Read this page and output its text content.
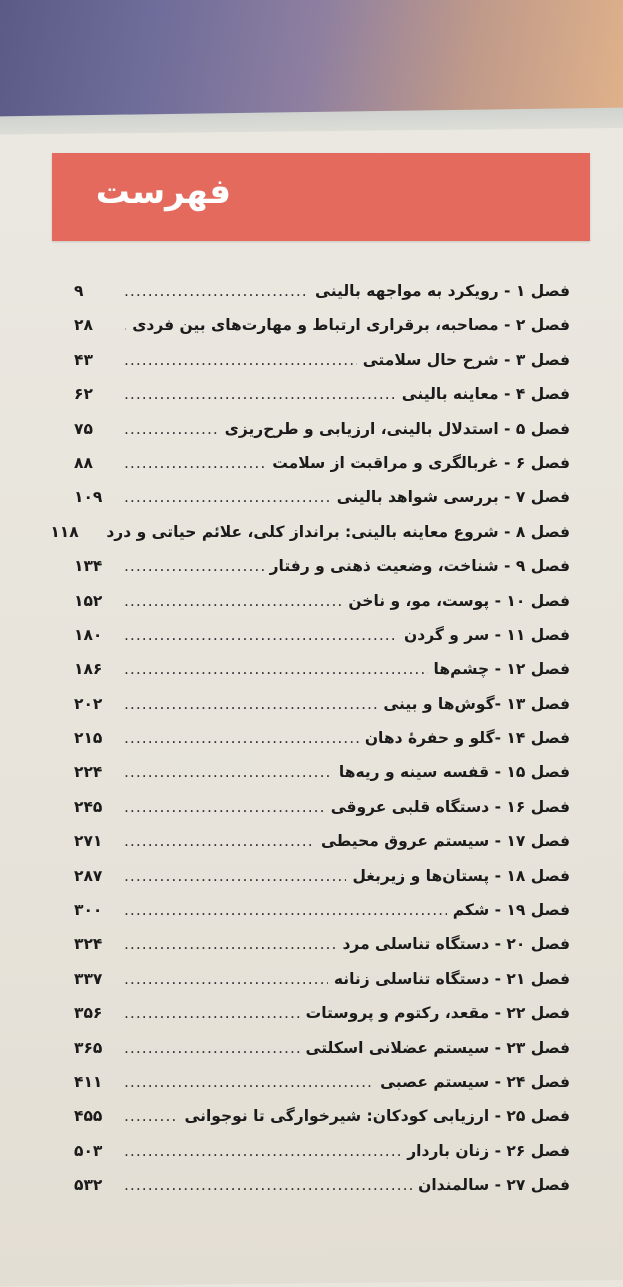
فهرست
فصل ۱ - رویکرد به مواجهه بالینی
.....
۹
فصل ۲ - مصاحبه، برقراری ارتباط و مهارت‌های بین فردی
.....
۲۸
فصل ۳ - شرح حال سلامتی
.....
۴۳
فصل ۴ - معاینه بالینی
.....
۶۲
فصل ۵ - استدلال بالینی، ارزیابی و طرح‌ریزی
.....
۷۵
فصل ۶ - غربالگری و مراقبت از سلامت
.....
۸۸
فصل ۷ - بررسی شواهد بالینی
.....
۱۰۹
فصل ۸ - شروع معاینه بالینی: برانداز کلی، علائم حیاتی و درد
۱۱۸
فصل ۹ - شناخت، وضعیت ذهنی و رفتار
.....
۱۳۴
فصل ۱۰ - پوست، مو، و ناخن
.....
۱۵۲
فصل ۱۱ - سر و گردن
.....
۱۸۰
فصل ۱۲ - چشم‌ها
.....
۱۸۶
فصل ۱۳ -گوش‌ها و بینی
.....
۲۰۲
فصل ۱۴ -گلو و حفرهٔ دهان
.....
۲۱۵
فصل ۱۵ - قفسه سینه و ریه‌ها
.....
۲۲۴
فصل ۱۶ - دستگاه قلبی عروقی
.....
۲۴۵
فصل ۱۷ - سیستم عروق محیطی
.....
۲۷۱
فصل ۱۸ - پستان‌ها و زیربغل
.....
۲۸۷
فصل ۱۹ - شکم
.....
۳۰۰
فصل ۲۰ - دستگاه تناسلی مرد
.....
۳۲۴
فصل ۲۱ - دستگاه تناسلی زنانه
.....
۳۳۷
فصل ۲۲ - مقعد، رکتوم و پروستات
.....
۳۵۶
فصل ۲۳ - سیستم عضلانی اسکلتی
.....
۳۶۵
فصل ۲۴ - سیستم عصبی
.....
۴۱۱
فصل ۲۵ - ارزیابی کودکان: شیرخوارگی تا نوجوانی
.....
۴۵۵
فصل ۲۶ - زنان باردار
.....
۵۰۳
فصل ۲۷ - سالمندان
.....
۵۳۲
